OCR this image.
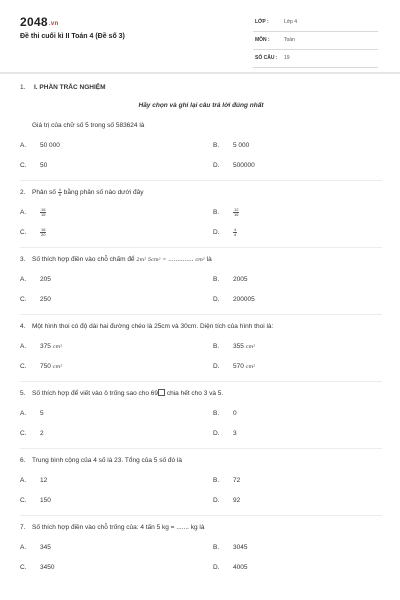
2048.vn
Đề thi cuối kì II Toán 4 (Đề số 3)
LỚP :	Lớp 4
MÔN :	Toán
SỐ CÂU : 19
1. I. PHẦN TRẮC NGHIỆM
Hãy chọn và ghi lại câu trả lời đúng nhất
Giá trị của chữ số 5 trong số 583624 là
A.	50 000	B.	5 000
C.	50	D.	500000
2.	Phân số $\frac{4}{5}$ bằng phân số nào dưới đây
A.	$\frac{16}{15}$	B.	$\frac{12}{16}$
C.	$\frac{16}{20}$	D.	$\frac{4}{4}$
3.	Số thích hợp điền vào chỗ chấm để 2m² 5cm² = .............. cm² là
A.	205	B.	2005
C.	250	D.	200005
4.	Một hình thoi có độ dài hai đường chéo là 25cm và 30cm. Diện tích của hình thoi là:
A.	375 cm²	B.	355 cm²
C.	750 cm²	D.	570 cm²
5.	Số thích hợp để viết vào ô trống sao cho 69 chia hết cho 3 và 5.
A.	5	B.	0
C.	2	D.	3
6.	Trung bình cộng của 4 số là 23. Tổng của 5 số đó là
A.	12	B.	72
C.	150	D.	92
7.	Số thích hợp điền vào chỗ trống của: 4 tấn 5 kg = ....... kg là
A.	345	B.	3045
C.	3450	D.	4005
